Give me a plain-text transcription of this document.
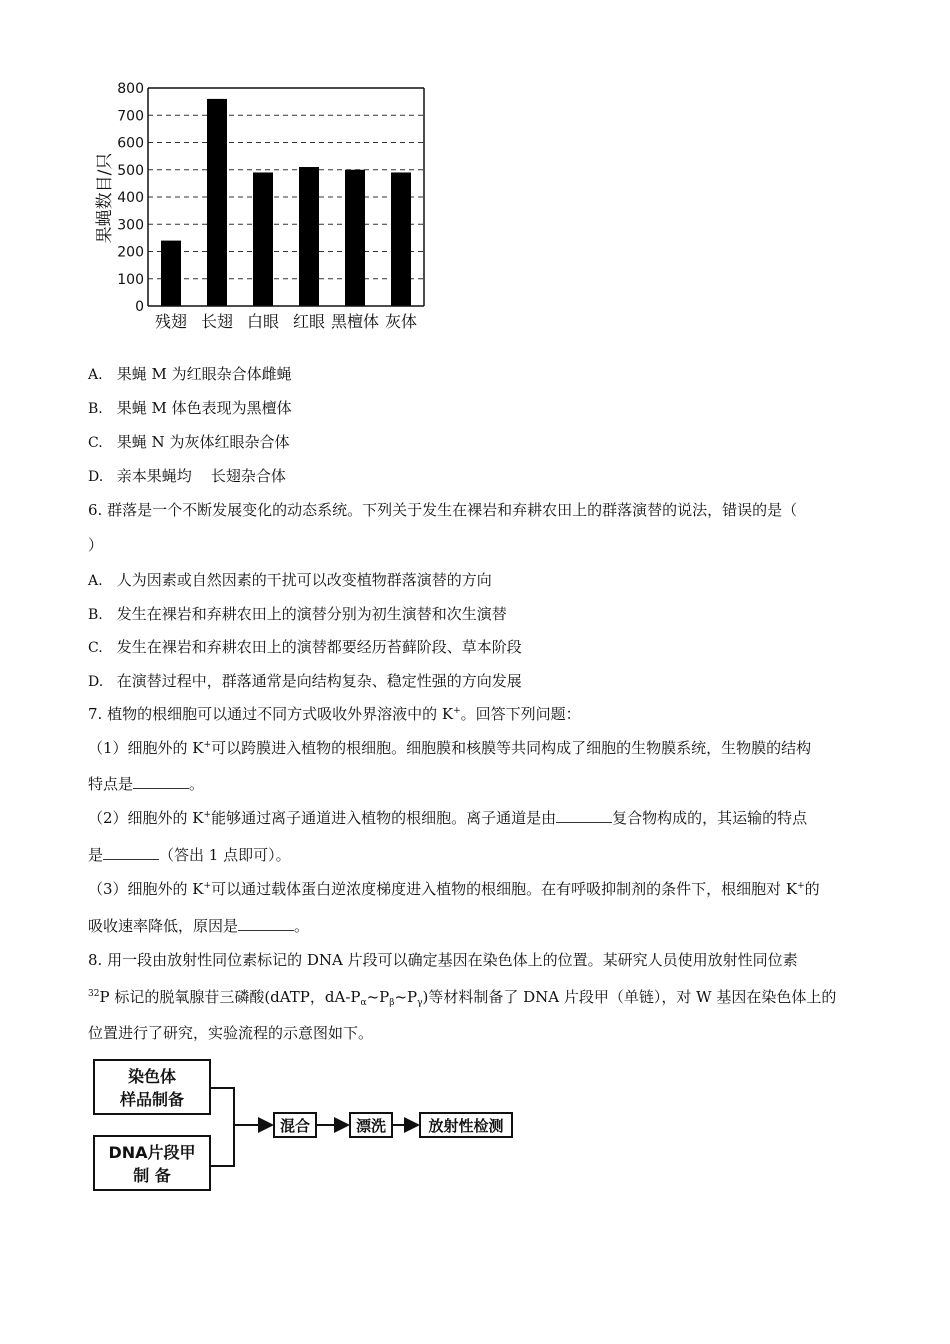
0
100
200
300
400
500
600
700
800
残翅 长翅 白眼 红眼 黑檀体 灰体
果蝇数目/只
A. 果蝇 M 为红眼杂合体雌蝇
B. 果蝇 M 体色表现为黑檀体
C. 果蝇 N 为灰体红眼杂合体
D. 亲本果蝇均    长翅杂合体
6. 群落是一个不断发展变化的动态系统。下列关于发生在裸岩和弃耕农田上的群落演替的说法，错误的是（
）
A. 人为因素或自然因素的干扰可以改变植物群落演替的方向
B. 发生在裸岩和弃耕农田上的演替分别为初生演替和次生演替
C. 发生在裸岩和弃耕农田上的演替都要经历苔藓阶段、草本阶段
D. 在演替过程中，群落通常是向结构复杂、稳定性强的方向发展
7. 植物的根细胞可以通过不同方式吸收外界溶液中的 K+。回答下列问题：
（1）细胞外的 K+可以跨膜进入植物的根细胞。细胞膜和核膜等共同构成了细胞的生物膜系统，生物膜的结构
特点是	。
（2）细胞外的 K+能够通过离子通道进入植物的根细胞。离子通道是由	复合物构成的，其运输的特点
是	（答出 1 点即可）。
（3）细胞外的 K+可以通过载体蛋白逆浓度梯度进入植物的根细胞。在有呼吸抑制剂的条件下，根细胞对 K+的
吸收速率降低，原因是	。
8. 用一段由放射性同位素标记的 DNA 片段可以确定基因在染色体上的位置。某研究人员使用放射性同位素
$^{32}$P 标记的脱氧腺苷三磷酸(dATP，$dA-P_\alpha\sim P_\beta\sim P_\gamma$)等材料制备了 DNA 片段甲（单链），对 W 基因在染色体上的
位置进行了研究，实验流程的示意图如下。
染色体
样品制备
DNA片段甲
制 备
混合	漂洗	放射性检测
